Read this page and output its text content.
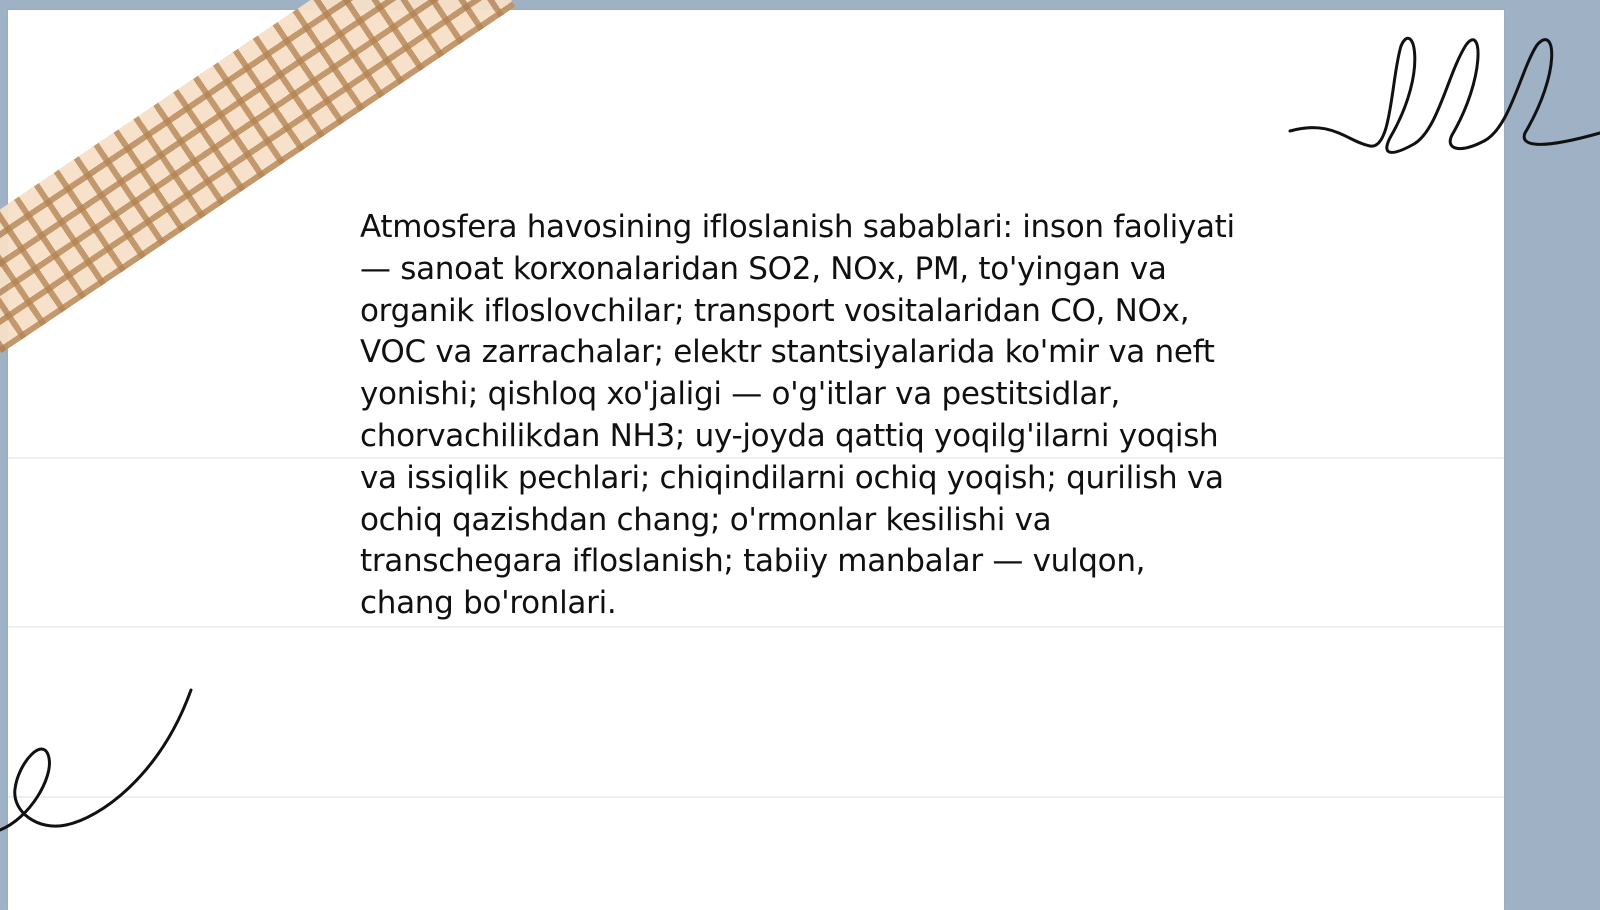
Atmosfera havosining ifloslanish sabablari: inson faoliyati — sanoat korxonalaridan SO2, NOx, PM, to'yingan va organik ifloslovchilar; transport vositalaridan CO, NOx, VOC va zarrachalar; elektr stantsiyalarida ko'mir va neft yonishi; qishloq xo'jaligi — o'g'itlar va pestitsidlar, chorvachilikdan NH3; uy-joyda qattiq yoqilg'ilarni yoqish va issiqlik pechlari; chiqindilarni ochiq yoqish; qurilish va ochiq qazishdan chang; o'rmonlar kesilishi va transchegara ifloslanish; tabiiy manbalar — vulqon, chang bo'ronlari.
